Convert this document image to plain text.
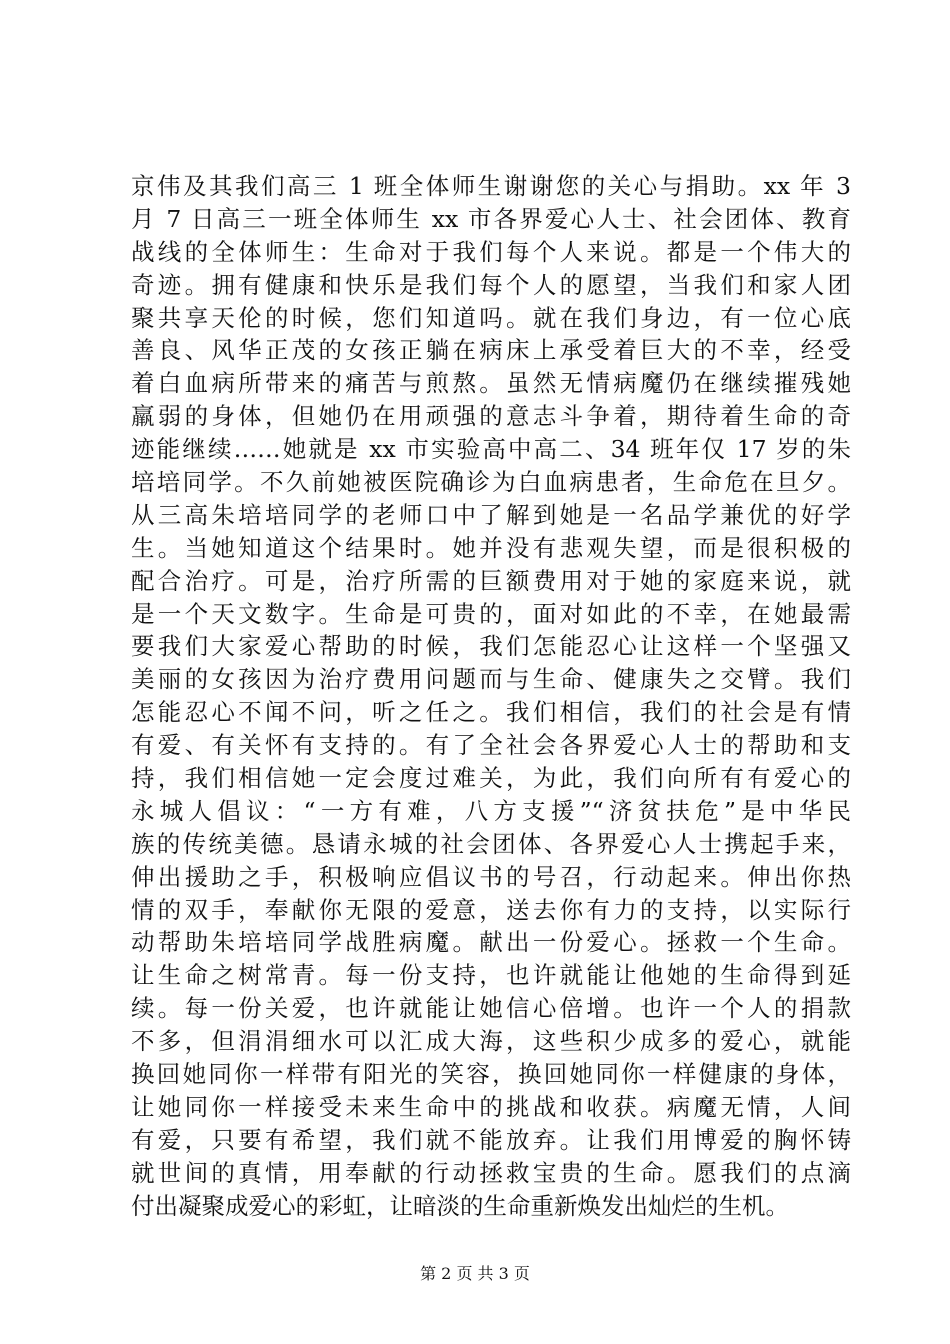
京伟及其我们高三 1 班全体师生谢谢您的关心与捐助。xx 年 3
月 7 日高三一班全体师生 xx 市各界爱心人士、社会团体、教育
战线的全体师生：生命对于我们每个人来说。都是一个伟大的
奇迹。拥有健康和快乐是我们每个人的愿望，当我们和家人团
聚共享天伦的时候，您们知道吗。就在我们身边，有一位心底
善良、风华正茂的女孩正躺在病床上承受着巨大的不幸，经受
着白血病所带来的痛苦与煎熬。虽然无情病魔仍在继续摧残她
羸弱的身体，但她仍在用顽强的意志斗争着，期待着生命的奇
迹能继续……她就是 xx 市实验高中高二、34 班年仅 17 岁的朱
培培同学。不久前她被医院确诊为白血病患者，生命危在旦夕。
从三高朱培培同学的老师口中了解到她是一名品学兼优的好学
生。当她知道这个结果时。她并没有悲观失望，而是很积极的
配合治疗。可是，治疗所需的巨额费用对于她的家庭来说，就
是一个天文数字。生命是可贵的，面对如此的不幸，在她最需
要我们大家爱心帮助的时候，我们怎能忍心让这样一个坚强又
美丽的女孩因为治疗费用问题而与生命、健康失之交臂。我们
怎能忍心不闻不问，听之任之。我们相信，我们的社会是有情
有爱、有关怀有支持的。有了全社会各界爱心人士的帮助和支
持，我们相信她一定会度过难关，为此，我们向所有有爱心的
永城人倡议：“一方有难，八方支援”“济贫扶危”是中华民
族的传统美德。恳请永城的社会团体、各界爱心人士携起手来，
伸出援助之手，积极响应倡议书的号召，行动起来。伸出你热
情的双手，奉献你无限的爱意，送去你有力的支持，以实际行
动帮助朱培培同学战胜病魔。献出一份爱心。拯救一个生命。
让生命之树常青。每一份支持，也许就能让他她的生命得到延
续。每一份关爱，也许就能让她信心倍增。也许一个人的捐款
不多，但涓涓细水可以汇成大海，这些积少成多的爱心，就能
换回她同你一样带有阳光的笑容，换回她同你一样健康的身体，
让她同你一样接受未来生命中的挑战和收获。病魔无情，人间
有爱，只要有希望，我们就不能放弃。让我们用博爱的胸怀铸
就世间的真情，用奉献的行动拯救宝贵的生命。愿我们的点滴
付出凝聚成爱心的彩虹，让暗淡的生命重新焕发出灿烂的生机。
第 2 页 共 3 页
